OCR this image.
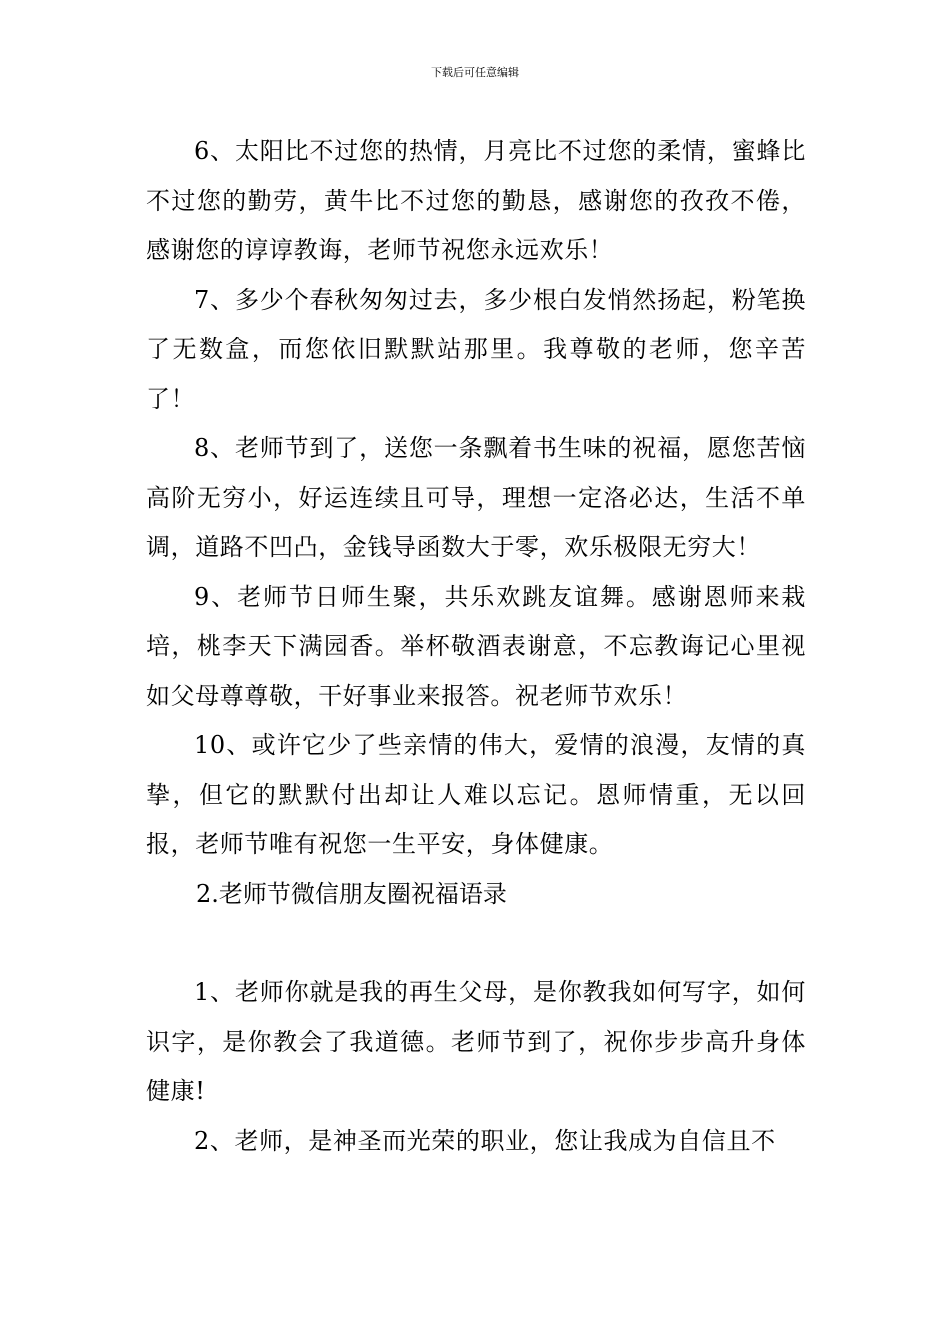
下载后可任意编辑

6、太阳比不过您的热情，月亮比不过您的柔情，蜜蜂比不过您的勤劳，黄牛比不过您的勤恳，感谢您的孜孜不倦，感谢您的谆谆教诲，老师节祝您永远欢乐！

7、多少个春秋匆匆过去，多少根白发悄然扬起，粉笔换了无数盒，而您依旧默默站那里。我尊敬的老师，您辛苦了！

8、老师节到了，送您一条飘着书生味的祝福，愿您苦恼高阶无穷小，好运连续且可导，理想一定洛必达，生活不单调，道路不凹凸，金钱导函数大于零，欢乐极限无穷大！

9、老师节日师生聚，共乐欢跳友谊舞。感谢恩师来栽培，桃李天下满园香。举杯敬酒表谢意，不忘教诲记心里视如父母尊尊敬，干好事业来报答。祝老师节欢乐！

10、或许它少了些亲情的伟大，爱情的浪漫，友情的真挚，但它的默默付出却让人难以忘记。恩师情重，无以回报，老师节唯有祝您一生平安，身体健康。

2.老师节微信朋友圈祝福语录

1、老师你就是我的再生父母，是你教我如何写字，如何识字，是你教会了我道德。老师节到了，祝你步步高升身体健康!

2、老师，是神圣而光荣的职业，您让我成为自信且不
